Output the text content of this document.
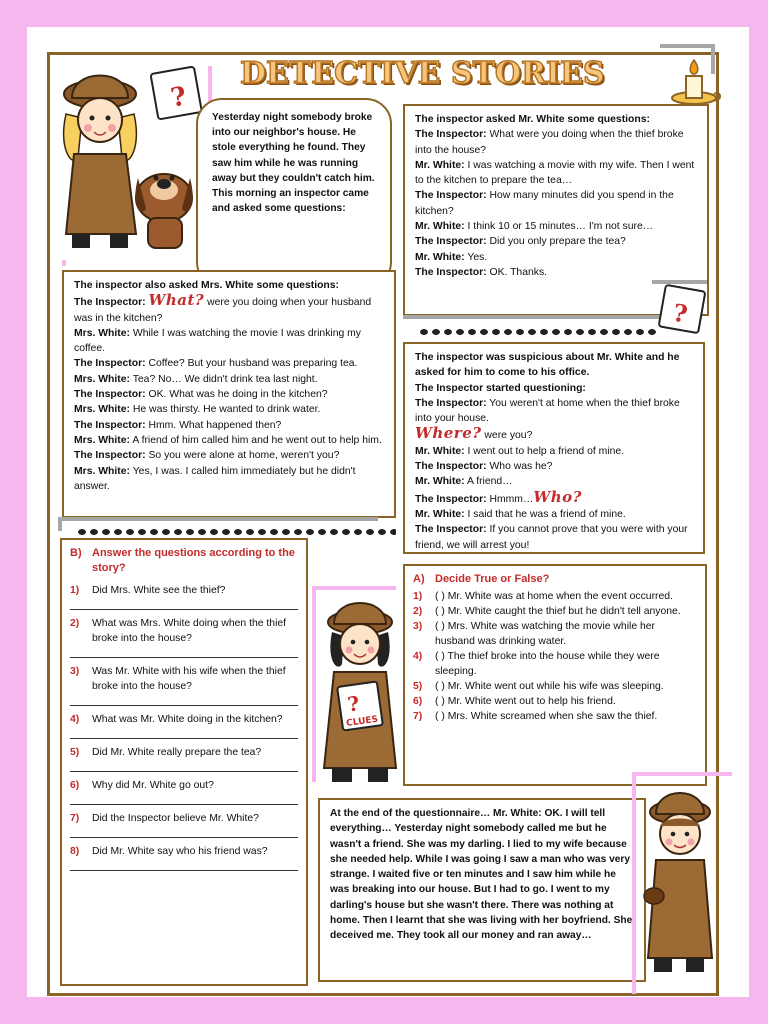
DETECTIVE STORIES
?
Yesterday night somebody broke into our neighbor's house. He stole everything he found. They saw him while he was running away but they couldn't catch him. This morning an inspector came and asked some questions:
The inspector asked Mr. White some questions:
The Inspector: What were you doing when the thief broke into the house?
Mr. White: I was watching a movie with my wife. Then I went to the kitchen to prepare the tea…
The Inspector: How many minutes did you spend in the kitchen?
Mr. White: I think 10 or 15 minutes… I'm not sure…
The Inspector: Did you only prepare the tea?
Mr. White: Yes.
The Inspector: OK. Thanks.
?
The inspector also asked Mrs. White some questions:
The Inspector: What? were you doing when your husband was in the kitchen?
Mrs. White: While I was watching the movie I was drinking my coffee.
The Inspector: Coffee? But your husband was preparing tea.
Mrs. White: Tea? No… We didn't drink tea last night.
The Inspector: OK. What was he doing in the kitchen?
Mrs. White: He was thirsty. He wanted to drink water.
The Inspector: Hmm. What happened then?
Mrs. White: A friend of him called him and he went out to help him.
The Inspector: So you were alone at home, weren't you?
Mrs. White: Yes, I was. I called him immediately but he didn't answer.
The inspector was suspicious about Mr. White and he asked for him to come to his office.
The Inspector started questioning:
The Inspector: You weren't at home when the thief broke into your house.
Where? were you?
Mr. White: I went out to help a friend of mine.
The Inspector: Who was he?
Mr. White: A friend…
The Inspector: Hmmm…Who?
Mr. White: I said that he was a friend of mine.
The Inspector: If you cannot prove that you were with your friend, we will arrest you!
B) Answer the questions according to the story?
1)	Did Mrs. White see the thief?
2)	What was Mrs. White doing when the thief broke into the house?
3)	Was Mr. White with his wife when the thief broke into the house?
4)	What was Mr. White doing in the kitchen?
5)	Did Mr. White really prepare the tea?
6)	Why did Mr. White go out?
7)	Did the Inspector believe Mr. White?
8)	Did Mr. White say who his friend was?
?
CLUES
A) Decide True or False?
1)	( ) Mr. White was at home when the event occurred.
2)	( ) Mr. White caught the thief but he didn't tell anyone.
3)	( ) Mrs. White was watching the movie while her husband was drinking water.
4)	( ) The thief broke into the house while they were sleeping.
5)	( ) Mr. White went out while his wife was sleeping.
6)	( ) Mr. White went out to help his friend.
7)	( ) Mrs. White screamed when she saw the thief.
At the end of the questionnaire… Mr. White: OK. I will tell everything… Yesterday night somebody called me but he wasn't a friend. She was my darling. I lied to my wife because she needed help. While I was going I saw a man who was very strange. I waited five or ten minutes and I saw him while he was breaking into our house. But I had to go. I went to my darling's house but she wasn't there. There was nothing at home. Then I learnt that she was living with her boyfriend. She deceived me. They took all our money and ran away…
